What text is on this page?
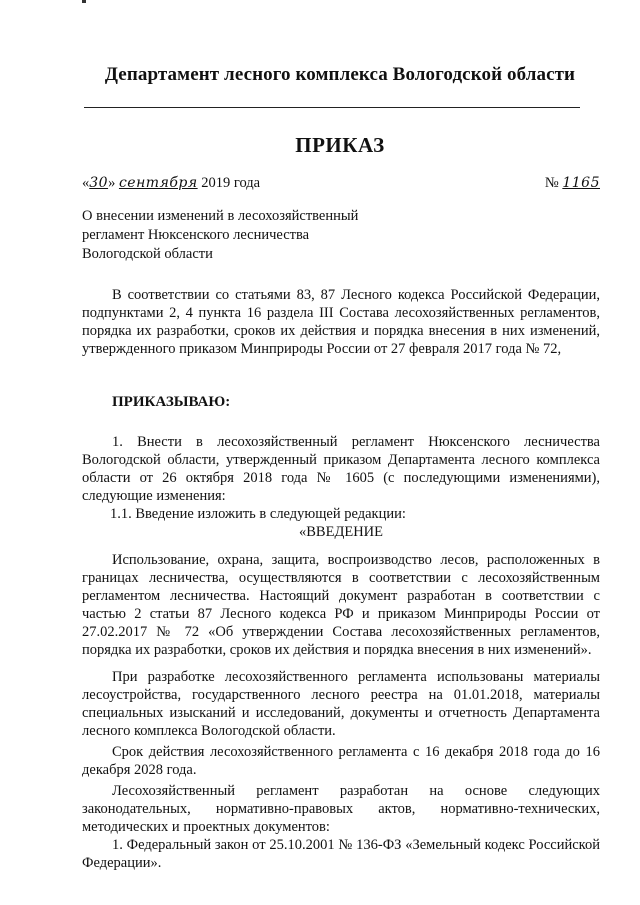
Департамент лесного комплекса Вологодской области
ПРИКАЗ
«30» сентября 2019 года	№ 1165
О внесении изменений в лесохозяйственный
регламент Нюксенского лесничества
Вологодской области

В соответствии со статьями 83, 87 Лесного кодекса Российской Федерации, подпунктами 2, 4 пункта 16 раздела III Состава лесохозяйственных регламентов, порядка их разработки, сроков их действия и порядка внесения в них изменений, утвержденного приказом Минприроды России от 27 февраля 2017 года № 72,

ПРИКАЗЫВАЮ:

1. Внести в лесохозяйственный регламент Нюксенского лесничества Вологодской области, утвержденный приказом Департамента лесного комплекса области от 26 октября 2018 года № 1605 (с последующими изменениями), следующие изменения:

1.1. Введение изложить в следующей редакции:

«ВВЕДЕНИЕ

Использование, охрана, защита, воспроизводство лесов, расположенных в границах лесничества, осуществляются в соответствии с лесохозяйственным регламентом лесничества. Настоящий документ разработан в соответствии с частью 2 статьи 87 Лесного кодекса РФ и приказом Минприроды России от 27.02.2017 № 72 «Об утверждении Состава лесохозяйственных регламентов, порядка их разработки, сроков их действия и порядка внесения в них изменений».

При разработке лесохозяйственного регламента использованы материалы лесоустройства, государственного лесного реестра на 01.01.2018, материалы специальных изысканий и исследований, документы и отчетность Департамента лесного комплекса Вологодской области.

Срок действия лесохозяйственного регламента с 16 декабря 2018 года до 16 декабря 2028 года.

Лесохозяйственный регламент разработан на основе следующих законодательных, нормативно-правовых актов, нормативно-технических, методических и проектных документов:

1. Федеральный закон от 25.10.2001 № 136-ФЗ «Земельный кодекс Российской Федерации».
